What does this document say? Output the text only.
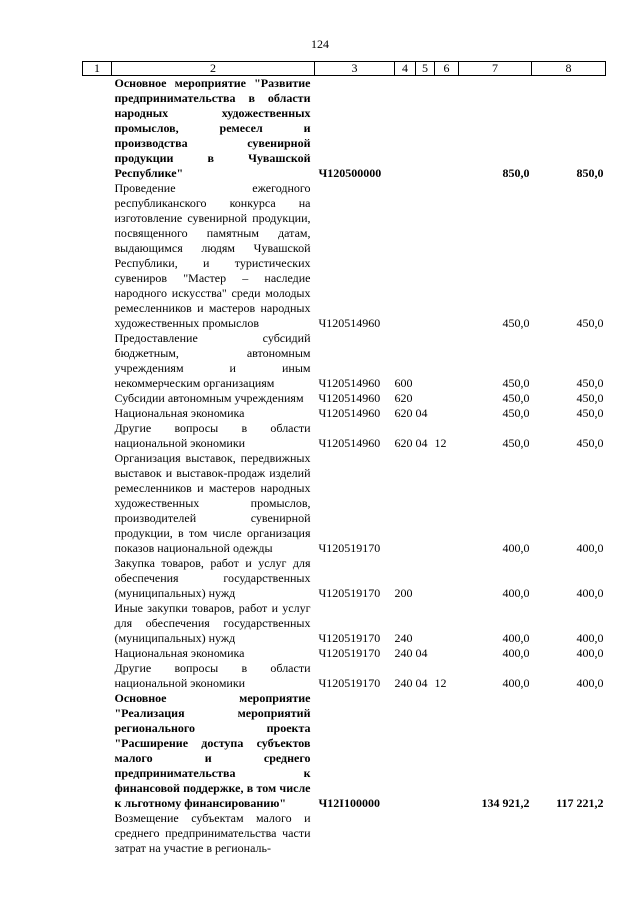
124
1	2	3	4	5	6	7	8
	Основное мероприятие "Развитие предпринимательства в области народных художественных промыслов, ремесел и производства сувенирной продукции в Чувашской Республике"	Ч120500000				850,0	850,0
	Проведение ежегодного республиканского конкурса на изготовление сувенирной продукции, посвященного памятным датам, выдающимся людям Чувашской Республики, и туристических сувениров "Мастер – наследие народного искусства" среди молодых ремесленников и мастеров народных художественных промыслов	Ч120514960				450,0	450,0
	Предоставление субсидий бюджетным, автономным учреждениям и иным некоммерческим организациям	Ч120514960	600			450,0	450,0
	Субсидии автономным учреждениям	Ч120514960	620			450,0	450,0
	Национальная экономика	Ч120514960	620	04		450,0	450,0
	Другие вопросы в области национальной экономики	Ч120514960	620	04	12	450,0	450,0
	Организация выставок, передвижных выставок и выставок-продаж изделий ремесленников и мастеров народных художественных промыслов, производителей сувенирной продукции, в том числе организация показов национальной одежды	Ч120519170				400,0	400,0
	Закупка товаров, работ и услуг для обеспечения государственных (муниципальных) нужд	Ч120519170	200			400,0	400,0
	Иные закупки товаров, работ и услуг для обеспечения государственных (муниципальных) нужд	Ч120519170	240			400,0	400,0
	Национальная экономика	Ч120519170	240	04		400,0	400,0
	Другие вопросы в области национальной экономики	Ч120519170	240	04	12	400,0	400,0
	Основное мероприятие "Реализация мероприятий регионального проекта "Расширение доступа субъектов малого и среднего предпринимательства к финансовой поддержке, в том числе к льготному финансированию"	Ч12I100000				134 921,2	117 221,2
	Возмещение субъектам малого и среднего предпринимательства части затрат на участие в региональ-						
